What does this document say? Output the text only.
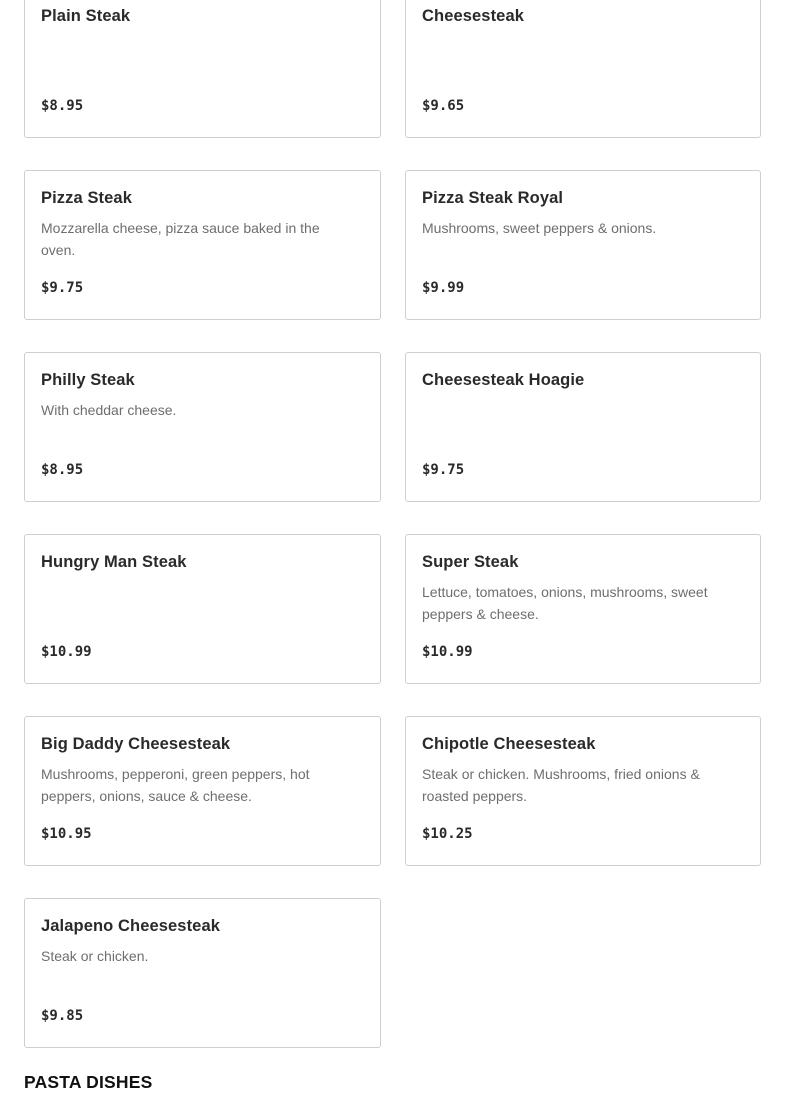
Plain Steak
$8.95
Cheesesteak
$9.65
Pizza Steak
Mozzarella cheese, pizza sauce baked in the oven.
$9.75
Pizza Steak Royal
Mushrooms, sweet peppers & onions.
$9.99
Philly Steak
With cheddar cheese.
$8.95
Cheesesteak Hoagie
$9.75
Hungry Man Steak
$10.99
Super Steak
Lettuce, tomatoes, onions, mushrooms, sweet peppers & cheese.
$10.99
Big Daddy Cheesesteak
Mushrooms, pepperoni, green peppers, hot peppers, onions, sauce & cheese.
$10.95
Chipotle Cheesesteak
Steak or chicken. Mushrooms, fried onions & roasted peppers.
$10.25
Jalapeno Cheesesteak
Steak or chicken.
$9.85
PASTA DISHES
